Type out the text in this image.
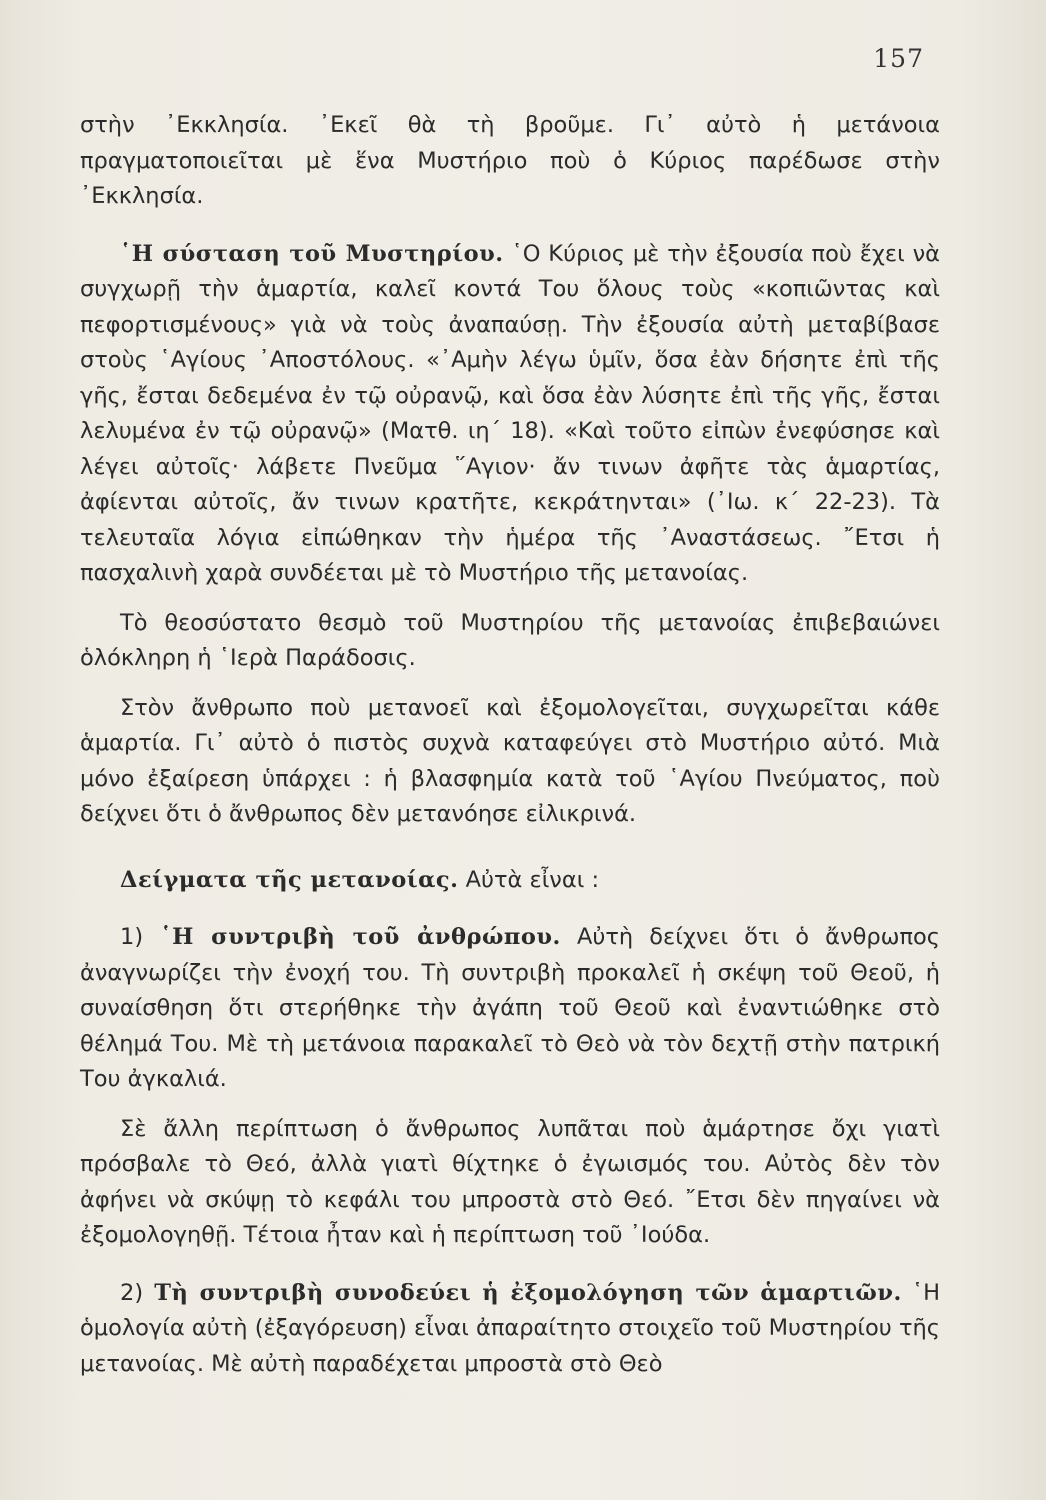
157

στὴν ᾿Εκκλησία. ᾿Εκεῖ θὰ τὴ βροῦμε. Γι᾿ αὐτὸ ἡ μετάνοια πραγματοποιεῖται μὲ ἕνα Μυστήριο ποὺ ὁ Κύριος παρέδωσε στὴν ᾿Εκκλησία.

῾Η σύσταση τοῦ Μυστηρίου. ῾Ο Κύριος μὲ τὴν ἐξουσία ποὺ ἔχει νὰ συγχωρῇ τὴν ἁμαρτία, καλεῖ κοντά Του ὅλους τοὺς «κοπιῶντας καὶ πεφορτισμένους» γιὰ νὰ τοὺς ἀναπαύσῃ. Τὴν ἐξουσία αὐτὴ μεταβίβασε στοὺς ῾Αγίους ᾿Αποστόλους. «᾿Αμὴν λέγω ὑμῖν, ὅσα ἐὰν δήσητε ἐπὶ τῆς γῆς, ἔσται δεδεμένα ἐν τῷ οὐρανῷ, καὶ ὅσα ἐὰν λύσητε ἐπὶ τῆς γῆς, ἔσται λελυμένα ἐν τῷ οὐρανῷ» (Ματθ. ιη΄ 18). «Καὶ τοῦτο εἰπὼν ἐνεφύσησε καὶ λέγει αὐτοῖς· λάβετε Πνεῦμα ῞Αγιον· ἄν τινων ἀφῆτε τὰς ἁμαρτίας, ἀφίενται αὐτοῖς, ἄν τινων κρατῆτε, κεκράτηνται» (᾿Ιω. κ΄ 22-23). Τὰ τελευταῖα λόγια εἰπώθηκαν τὴν ἡμέρα τῆς ᾿Αναστάσεως. ῎Ετσι ἡ πασχαλινὴ χαρὰ συνδέεται μὲ τὸ Μυστήριο τῆς μετανοίας.

Τὸ θεοσύστατο θεσμὸ τοῦ Μυστηρίου τῆς μετανοίας ἐπιβεβαιώνει ὁλόκληρη ἡ ῾Ιερὰ Παράδοσις.

Στὸν ἄνθρωπο ποὺ μετανοεῖ καὶ ἐξομολογεῖται, συγχωρεῖται κάθε ἁμαρτία. Γι᾿ αὐτὸ ὁ πιστὸς συχνὰ καταφεύγει στὸ Μυστήριο αὐτό. Μιὰ μόνο ἐξαίρεση ὑπάρχει : ἡ βλασφημία κατὰ τοῦ ῾Αγίου Πνεύματος, ποὺ δείχνει ὅτι ὁ ἄνθρωπος δὲν μετανόησε εἰλικρινά.

Δείγματα τῆς μετανοίας. Αὐτὰ εἶναι :

1) ῾Η συντριβὴ τοῦ ἀνθρώπου. Αὐτὴ δείχνει ὅτι ὁ ἄνθρωπος ἀναγνωρίζει τὴν ἐνοχή του. Τὴ συντριβὴ προκαλεῖ ἡ σκέψη τοῦ Θεοῦ, ἡ συναίσθηση ὅτι στερήθηκε τὴν ἀγάπη τοῦ Θεοῦ καὶ ἐναντιώθηκε στὸ θέλημά Του. Μὲ τὴ μετάνοια παρακαλεῖ τὸ Θεὸ νὰ τὸν δεχτῇ στὴν πατρική Του ἀγκαλιά.

Σὲ ἄλλη περίπτωση ὁ ἄνθρωπος λυπᾶται ποὺ ἁμάρτησε ὄχι γιατὶ πρόσβαλε τὸ Θεό, ἀλλὰ γιατὶ θίχτηκε ὁ ἐγωισμός του. Αὐτὸς δὲν τὸν ἀφήνει νὰ σκύψῃ τὸ κεφάλι του μπροστὰ στὸ Θεό. ῎Ετσι δὲν πηγαίνει νὰ ἐξομολογηθῇ. Τέτοια ἦταν καὶ ἡ περίπτωση τοῦ ᾿Ιούδα.

2) Τὴ συντριβὴ συνοδεύει ἡ ἐξομολόγηση τῶν ἁμαρτιῶν. ῾Η ὁμολογία αὐτὴ (ἐξαγόρευση) εἶναι ἀπαραίτητο στοιχεῖο τοῦ Μυστηρίου τῆς μετανοίας. Μὲ αὐτὴ παραδέχεται μπροστὰ στὸ Θεὸ
